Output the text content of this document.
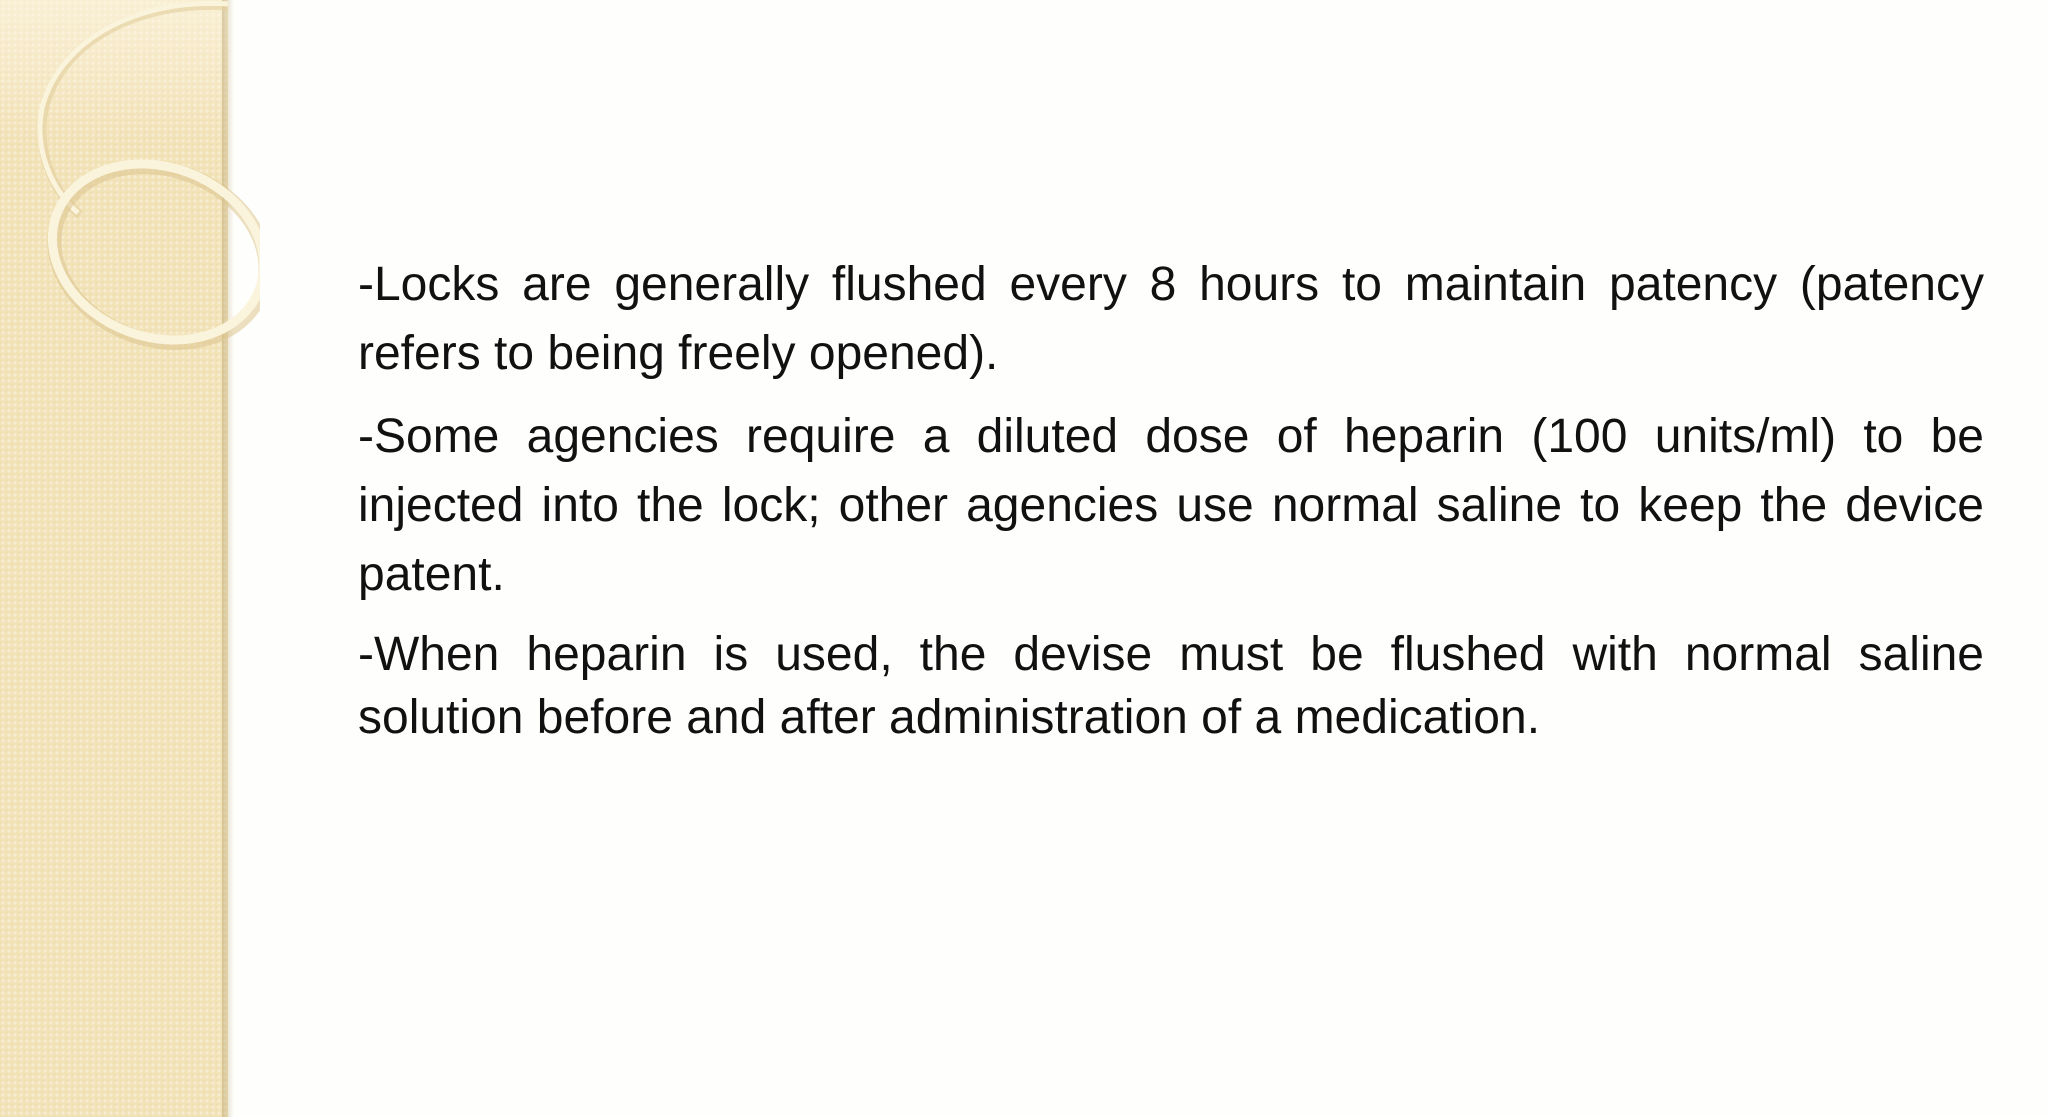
-Locks are generally flushed every 8 hours to maintain patency (patency refers to being freely opened).

-Some agencies require a diluted dose of heparin (100 units/ml) to be injected into the lock; other agencies use normal saline to keep the device patent.

-When heparin is used, the devise must be flushed with normal saline solution before and after administration of a medication.
